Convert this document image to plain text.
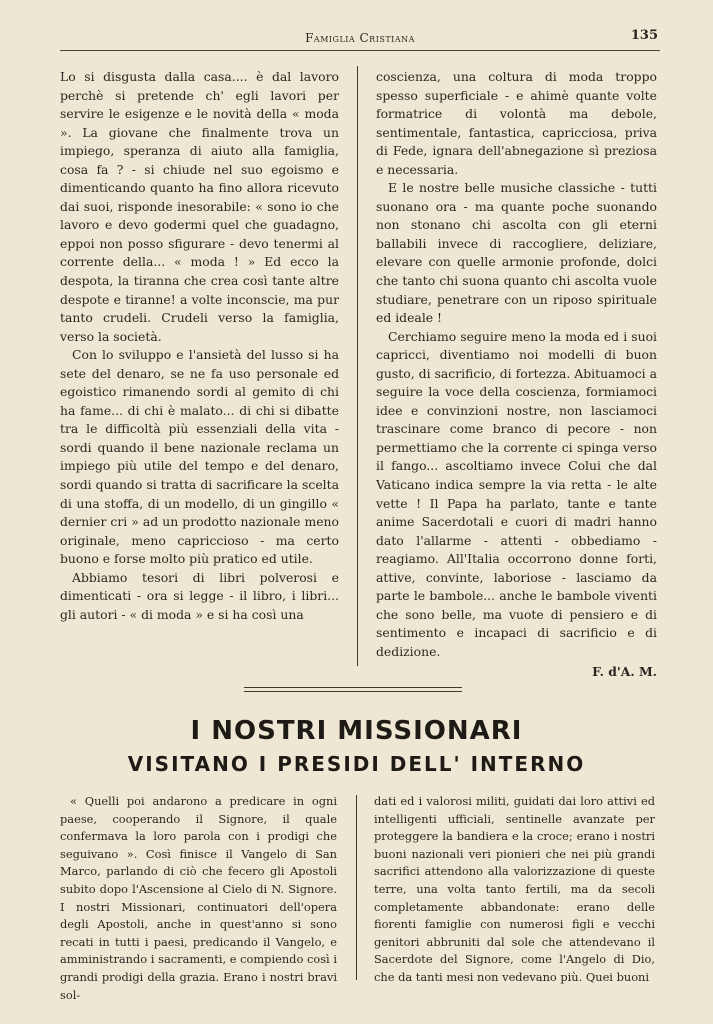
Famiglia Cristiana	135

Lo si disgusta dalla casa.... è dal lavoro perchè si pretende ch' egli lavori per servire le esigenze e le novità della « moda ». La giovane che finalmente trova un impiego, speranza di aiuto alla famiglia, cosa fa ? - si chiude nel suo egoismo e dimenticando quanto ha fino allora ricevuto dai suoi, risponde inesorabile: « sono io che lavoro e devo godermi quel che guadagno, eppoi non posso sfigurare - devo tenermi al corrente della... « moda ! » Ed ecco la despota, la tiranna che crea così tante altre despote e tiranne! a volte inconscie, ma pur tanto crudeli. Crudeli verso la famiglia, verso la società.

Con lo sviluppo e l'ansietà del lusso si ha sete del denaro, se ne fa uso personale ed egoistico rimanendo sordi al gemito di chi ha fame... di chi è malato... di chi si dibatte tra le difficoltà più essenziali della vita - sordi quando il bene nazionale reclama un impiego più utile del tempo e del denaro, sordi quando si tratta di sacrificare la scelta di una stoffa, di un modello, di un gingillo « dernier cri » ad un prodotto nazionale meno originale, meno capriccioso - ma certo buono e forse molto più pratico ed utile.

Abbiamo tesori di libri polverosi e dimenticati - ora si legge - il libro, i libri... gli autori - « di moda » e si ha così una

coscienza, una coltura di moda troppo spesso superficiale - e ahimè quante volte formatrice di volontà ma debole, sentimentale, fantastica, capricciosa, priva di Fede, ignara dell'abnegazione sì preziosa e necessaria.

E le nostre belle musiche classiche - tutti suonano ora - ma quante poche suonando non stonano chi ascolta con gli eterni ballabili invece di raccogliere, deliziare, elevare con quelle armonie profonde, dolci che tanto chi suona quanto chi ascolta vuole studiare, penetrare con un riposo spirituale ed ideale !

Cerchiamo seguire meno la moda ed i suoi capricci, diventiamo noi modelli di buon gusto, di sacrificio, di fortezza. Abituamoci a seguire la voce della coscienza, formiamoci idee e convinzioni nostre, non lasciamoci trascinare come branco di pecore - non permettiamo che la corrente ci spinga verso il fango... ascoltiamo invece Colui che dal Vaticano indica sempre la via retta - le alte vette ! Il Papa ha parlato, tante e tante anime Sacerdotali e cuori di madri hanno dato l'allarme - attenti - obbediamo - reagiamo. All'Italia occorrono donne forti, attive, convinte, laboriose - lasciamo da parte le bambole... anche le bambole viventi che sono belle, ma vuote di pensiero e di sentimento e incapaci di sacrificio e di dedizione.

F. d'A. M.
I NOSTRI MISSIONARI
VISITANO I PRESIDI DELL' INTERNO

« Quelli poi andarono a predicare in ogni paese, cooperando il Signore, il quale confermava la loro parola con i prodigi che seguivano ». Così finisce il Vangelo di San Marco, parlando di ciò che fecero gli Apostoli subito dopo l'Ascensione al Cielo di N. Signore. I nostri Missionari, continuatori dell'opera degli Apostoli, anche in quest'anno si sono recati in tutti i paesi, predicando il Vangelo, e amministrando i sacramenti, e compiendo così i grandi prodigi della grazia. Erano i nostri bravi sol-

dati ed i valorosi militi, guidati dai loro attivi ed intelligenti ufficiali, sentinelle avanzate per proteggere la bandiera e la croce; erano i nostri buoni nazionali veri pionieri che nei più grandi sacrifici attendono alla valorizzazione di queste terre, una volta tanto fertili, ma da secoli completamente abbandonate: erano delle fiorenti famiglie con numerosi figli e vecchi genitori abbruniti dal sole che attendevano il Sacerdote del Signore, come l'Angelo di Dio, che da tanti mesi non vedevano più. Quei buoni
